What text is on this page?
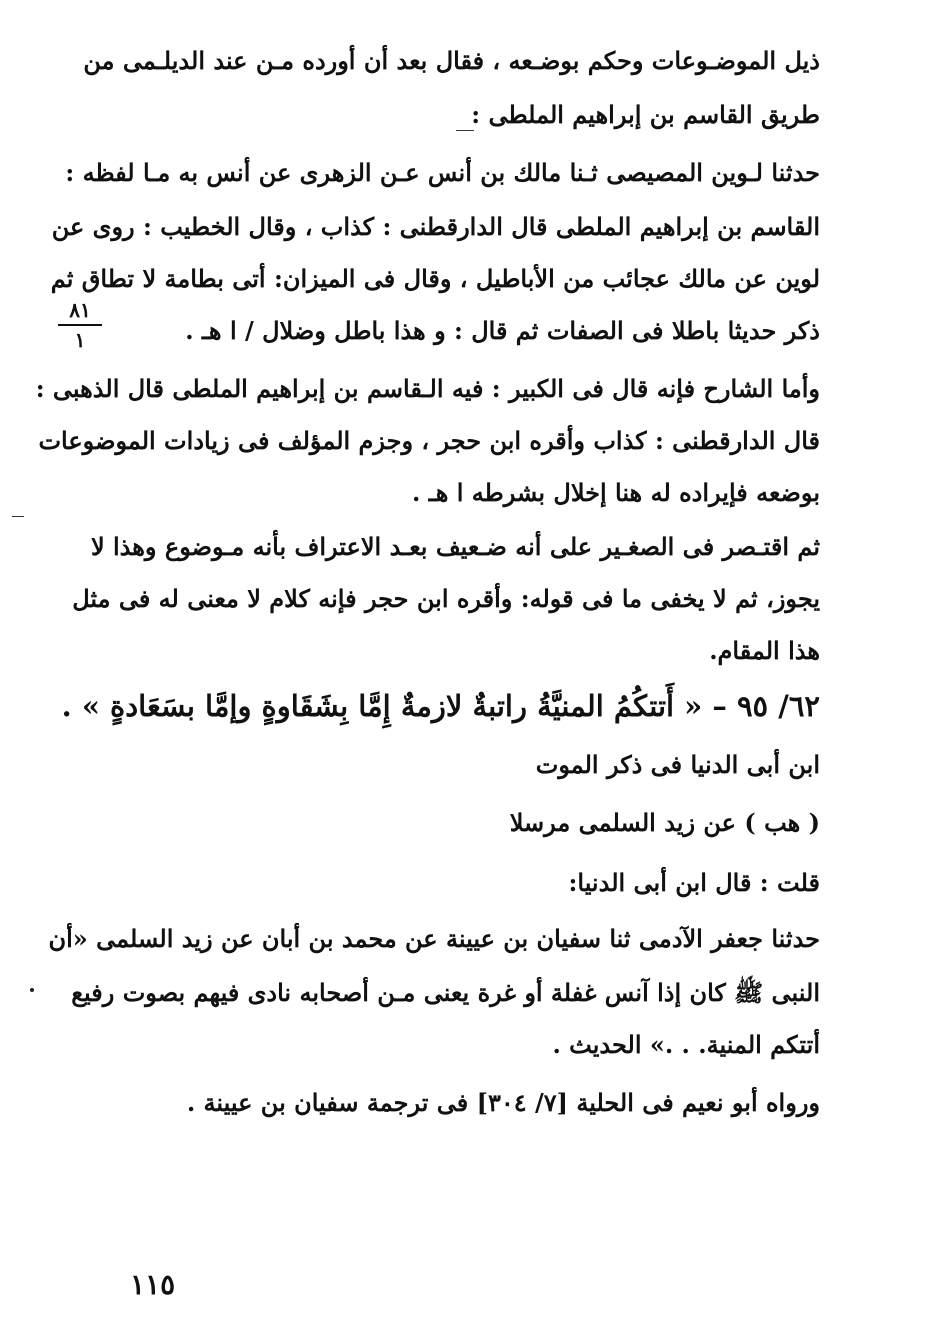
ذيل الموضـوعات وحكم بوضـعه ، فقال بعد أن أورده مـن عند الديلـمى من
طريق القاسم بن إبراهيم الملطى :
حدثنا لـوين المصيصى ثـنا مالك بن أنس عـن الزهرى عن أنس به مـا لفظه :
القاسم بن إبراهيم الملطى قال الدارقطنى : كذاب ، وقال الخطيب : روى عن
لوين عن مالك عجائب من الأباطيل ، وقال فى الميزان: أتى بطامة لا تطاق ثم
ذكر حديثا باطلا فى الصفات ثم قال : و هذا باطل وضلال / ا هـ .
٨١
١
وأما الشارح فإنه قال فى الكبير : فيه الـقاسم بن إبراهيم الملطى قال الذهبى :
قال الدارقطنى : كذاب وأقره ابن حجر ، وجزم المؤلف فى زيادات الموضوعات
بوضعه فإيراده له هنا إخلال بشرطه ا هـ .
ثم اقتـصر فى الصغـير على أنه ضـعيف بعـد الاعتراف بأنه مـوضوع وهذا لا
يجوز، ثم لا يخفى ما فى قوله: وأقره ابن حجر فإنه كلام لا معنى له فى مثل
هذا المقام.
٦٢/ ٩٥ – « أَتتكُمُ المنيَّةُ راتبةٌ لازمةٌ إِمَّا بِشَقَاوةٍ وإمَّا بسَعَادةٍ » .
ابن أبى الدنيا فى ذكر الموت
( هب ) عن زيد السلمى مرسلا
قلت : قال ابن أبى الدنيا:
حدثنا جعفر الآدمى ثنا سفيان بن عيينة عن محمد بن أبان عن زيد السلمى «أن
النبى ﷺ كان إذا آنس غفلة أو غرة يعنى مـن أصحابه نادى فيهم بصوت رفيع
أتتكم المنية. . .» الحديث .
ورواه أبو نعيم فى الحلية [٧/ ٣٠٤] فى ترجمة سفيان بن عيينة .
١١٥
